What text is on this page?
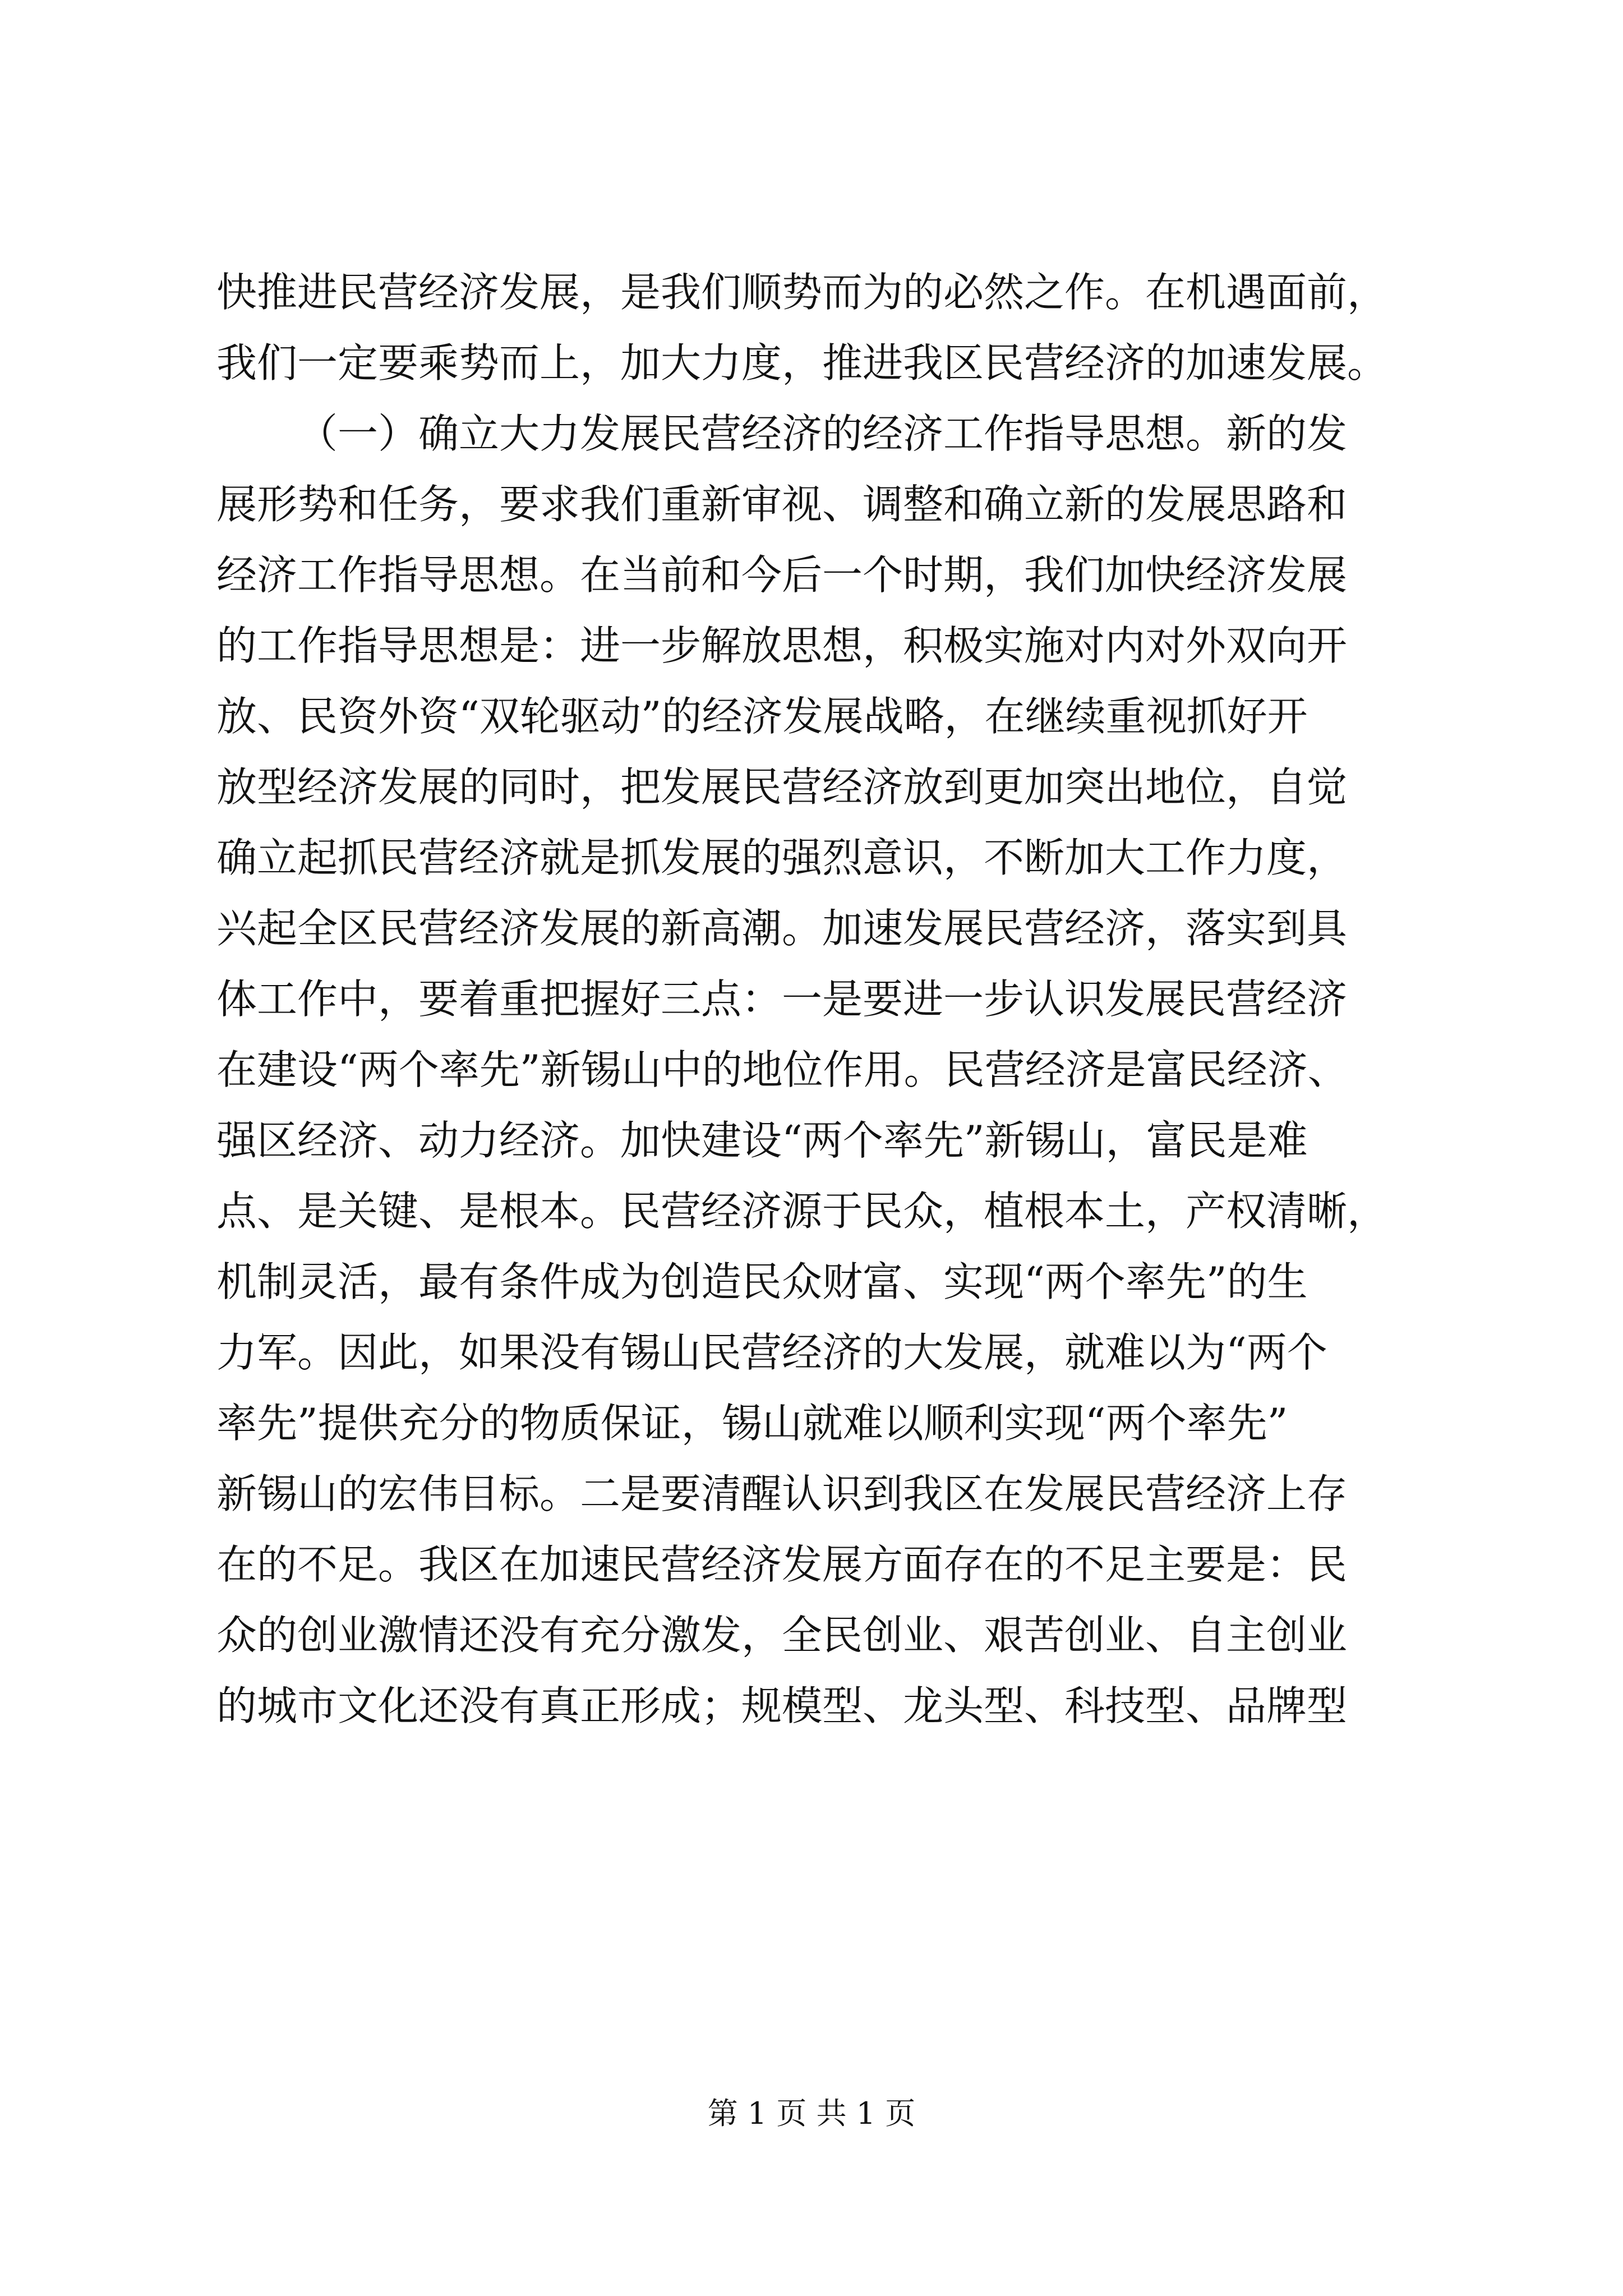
快推进民营经济发展，是我们顺势而为的必然之作。在机遇面前，
我们一定要乘势而上，加大力度，推进我区民营经济的加速发展。
（一）确立大力发展民营经济的经济工作指导思想。新的发
展形势和任务，要求我们重新审视、调整和确立新的发展思路和
经济工作指导思想。在当前和今后一个时期，我们加快经济发展
的工作指导思想是：进一步解放思想，积极实施对内对外双向开
放、民资外资“双轮驱动”的经济发展战略，在继续重视抓好开
放型经济发展的同时，把发展民营经济放到更加突出地位，自觉
确立起抓民营经济就是抓发展的强烈意识，不断加大工作力度，
兴起全区民营经济发展的新高潮。加速发展民营经济，落实到具
体工作中，要着重把握好三点：一是要进一步认识发展民营经济
在建设“两个率先”新锡山中的地位作用。民营经济是富民经济、
强区经济、动力经济。加快建设“两个率先”新锡山，富民是难
点、是关键、是根本。民营经济源于民众，植根本土，产权清晰，
机制灵活，最有条件成为创造民众财富、实现“两个率先”的生
力军。因此，如果没有锡山民营经济的大发展，就难以为“两个
率先”提供充分的物质保证，锡山就难以顺利实现“两个率先”
新锡山的宏伟目标。二是要清醒认识到我区在发展民营经济上存
在的不足。我区在加速民营经济发展方面存在的不足主要是：民
众的创业激情还没有充分激发，全民创业、艰苦创业、自主创业
的城市文化还没有真正形成；规模型、龙头型、科技型、品牌型
第 1 页 共 1 页
